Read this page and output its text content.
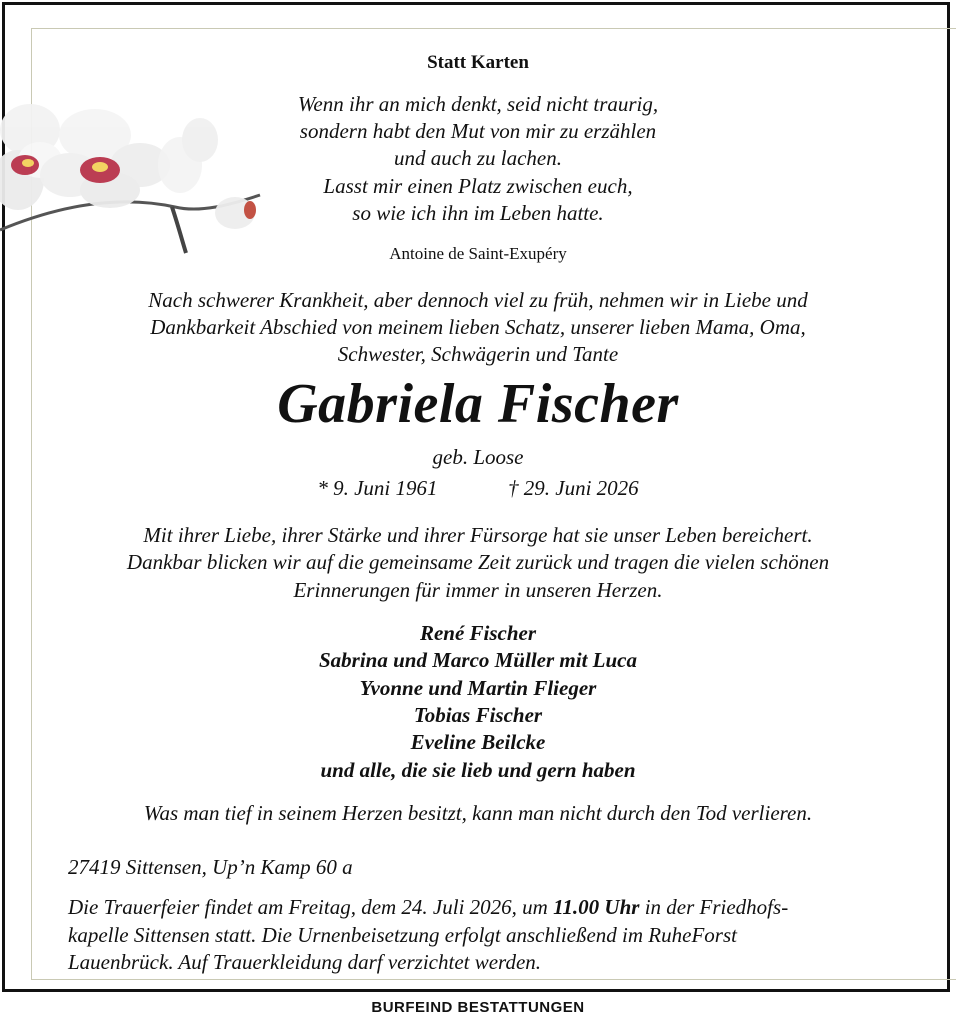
Statt Karten
Wenn ihr an mich denkt, seid nicht traurig,
sondern habt den Mut von mir zu erzählen
und auch zu lachen.
Lasst mir einen Platz zwischen euch,
so wie ich ihn im Leben hatte.
Antoine de Saint-Exupéry
Nach schwerer Krankheit, aber dennoch viel zu früh, nehmen wir in Liebe und
Dankbarkeit Abschied von meinem lieben Schatz, unserer lieben Mama, Oma,
Schwester, Schwägerin und Tante
Gabriela Fischer
geb. Loose
* 9. Juni 1961	† 29. Juni 2026
Mit ihrer Liebe, ihrer Stärke und ihrer Fürsorge hat sie unser Leben bereichert.
Dankbar blicken wir auf die gemeinsame Zeit zurück und tragen die vielen schönen
Erinnerungen für immer in unseren Herzen.
René Fischer
Sabrina und Marco Müller mit Luca
Yvonne und Martin Flieger
Tobias Fischer
Eveline Beilcke
und alle, die sie lieb und gern haben
Was man tief in seinem Herzen besitzt, kann man nicht durch den Tod verlieren.
27419 Sittensen, Up’n Kamp 60 a
Die Trauerfeier findet am Freitag, dem 24. Juli 2026, um 11.00 Uhr in der Friedhofs-
kapelle Sittensen statt. Die Urnenbeisetzung erfolgt anschließend im RuheForst
Lauenbrück. Auf Trauerkleidung darf verzichtet werden.
BURFEIND BESTATTUNGEN
